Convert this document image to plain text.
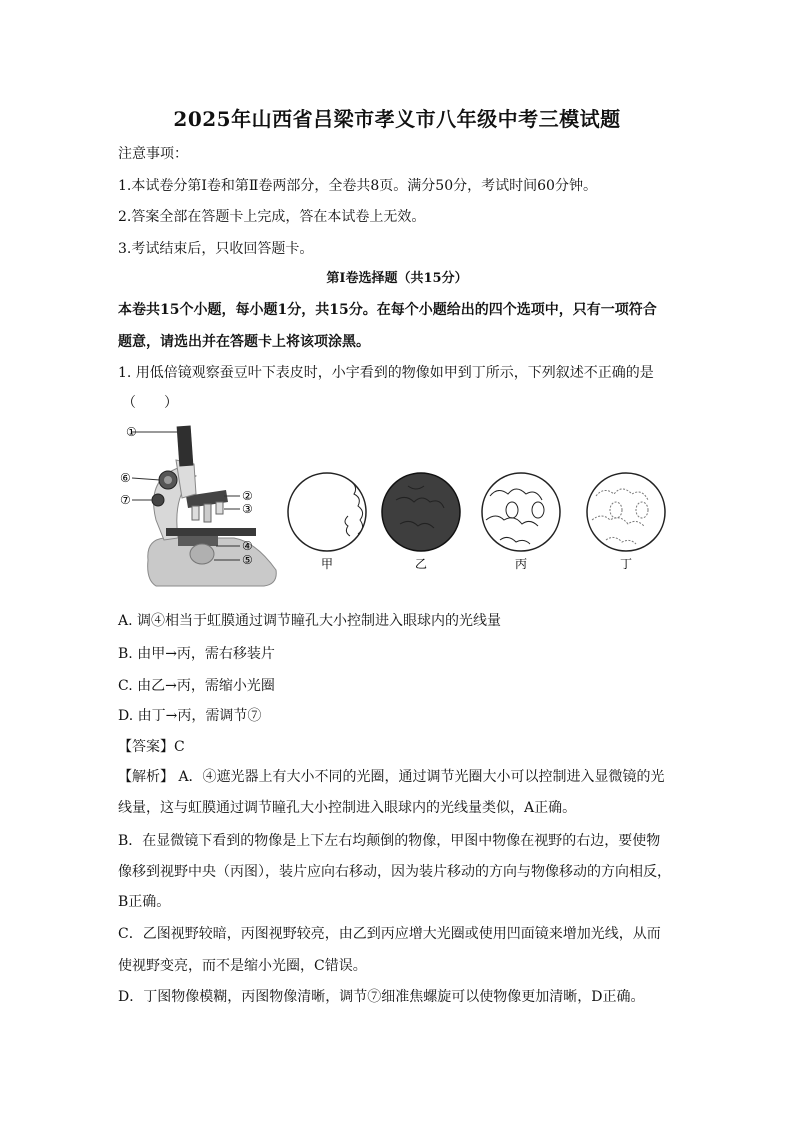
2025年山西省吕梁市孝义市八年级中考三模试题
注意事项：
1.本试卷分第Ⅰ卷和第Ⅱ卷两部分，全卷共8页。满分50分，考试时间60分钟。
2.答案全部在答题卡上完成，答在本试卷上无效。
3.考试结束后，只收回答题卡。
第Ⅰ卷选择题（共15分）
本卷共15个小题，每小题1分，共15分。在每个小题给出的四个选项中，只有一项符合
题意，请选出并在答题卡上将该项涂黑。
1. 用低倍镜观察蚕豆叶下表皮时，小宇看到的物像如甲到丁所示，下列叙述不正确的是
（　　）
①
②
③
④
⑤
⑥
⑦
甲	乙	丙	丁
A. 调④相当于虹膜通过调节瞳孔大小控制进入眼球内的光线量
B. 由甲→丙，需右移装片
C. 由乙→丙，需缩小光圈
D. 由丁→丙，需调节⑦
【答案】C
【解析】 A．④遮光器上有大小不同的光圈，通过调节光圈大小可以控制进入显微镜的光
线量，这与虹膜通过调节瞳孔大小控制进入眼球内的光线量类似，A正确。
B．在显微镜下看到的物像是上下左右均颠倒的物像，甲图中物像在视野的右边，要使物
像移到视野中央（丙图），装片应向右移动，因为装片移动的方向与物像移动的方向相反，
B正确。
C．乙图视野较暗，丙图视野较亮，由乙到丙应增大光圈或使用凹面镜来增加光线，从而
使视野变亮，而不是缩小光圈，C错误。
D．丁图物像模糊，丙图物像清晰，调节⑦细准焦螺旋可以使物像更加清晰，D正确。
